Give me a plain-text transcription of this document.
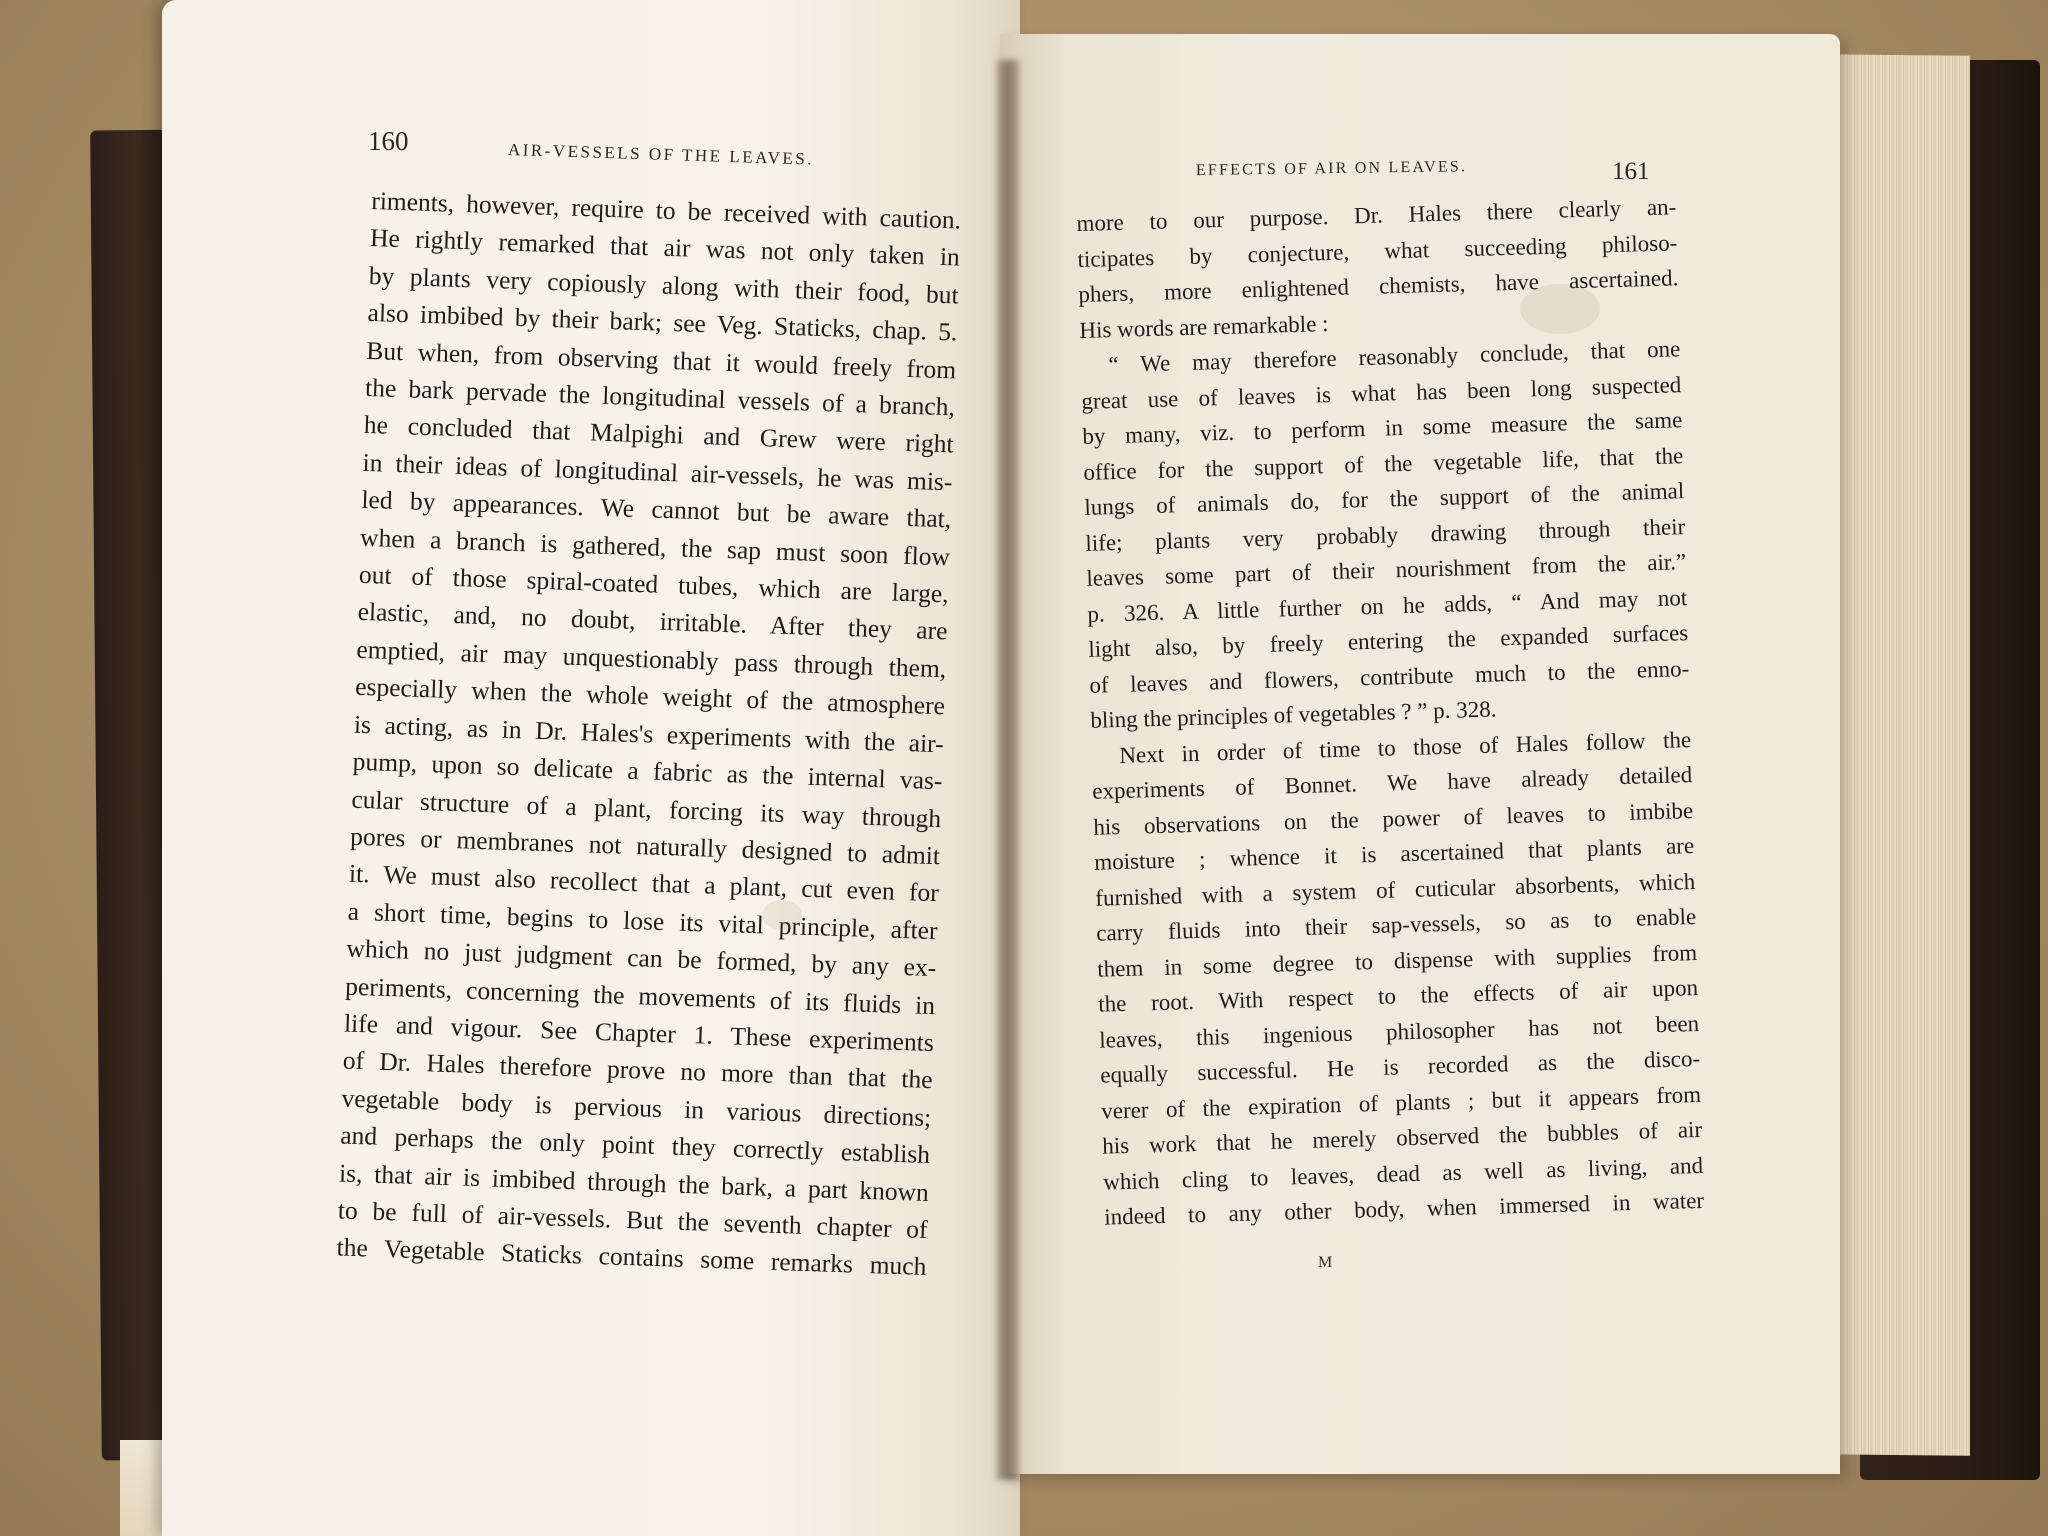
160	AIR-VESSELS OF THE LEAVES.
riments, however, require to be received with caution.
He rightly remarked that air was not only taken in
by plants very copiously along with their food, but
also imbibed by their bark; see Veg. Staticks, chap. 5.
But when, from observing that it would freely from
the bark pervade the longitudinal vessels of a branch,
he concluded that Malpighi and Grew were right
in their ideas of longitudinal air-vessels, he was mis-
led by appearances. We cannot but be aware that,
when a branch is gathered, the sap must soon flow
out of those spiral-coated tubes, which are large,
elastic, and, no doubt, irritable. After they are
emptied, air may unquestionably pass through them,
especially when the whole weight of the atmosphere
is acting, as in Dr. Hales's experiments with the air-
pump, upon so delicate a fabric as the internal vas-
cular structure of a plant, forcing its way through
pores or membranes not naturally designed to admit
it. We must also recollect that a plant, cut even for
a short time, begins to lose its vital principle, after
which no just judgment can be formed, by any ex-
periments, concerning the movements of its fluids in
life and vigour. See Chapter 1. These experiments
of Dr. Hales therefore prove no more than that the
vegetable body is pervious in various directions;
and perhaps the only point they correctly establish
is, that air is imbibed through the bark, a part known
to be full of air-vessels. But the seventh chapter of
the Vegetable Staticks contains some remarks much
EFFECTS OF AIR ON LEAVES.	161
more to our purpose. Dr. Hales there clearly an-
ticipates by conjecture, what succeeding philoso-
phers, more enlightened chemists, have ascertained.
His words are remarkable :
“ We may therefore reasonably conclude, that one
great use of leaves is what has been long suspected
by many, viz. to perform in some measure the same
office for the support of the vegetable life, that the
lungs of animals do, for the support of the animal
life; plants very probably drawing through their
leaves some part of their nourishment from the air.”
p. 326. A little further on he adds, “ And may not
light also, by freely entering the expanded surfaces
of leaves and flowers, contribute much to the enno-
bling the principles of vegetables ? ” p. 328.
Next in order of time to those of Hales follow the
experiments of Bonnet. We have already detailed
his observations on the power of leaves to imbibe
moisture ; whence it is ascertained that plants are
furnished with a system of cuticular absorbents, which
carry fluids into their sap-vessels, so as to enable
them in some degree to dispense with supplies from
the root. With respect to the effects of air upon
leaves, this ingenious philosopher has not been
equally successful. He is recorded as the disco-
verer of the expiration of plants ; but it appears from
his work that he merely observed the bubbles of air
which cling to leaves, dead as well as living, and
indeed to any other body, when immersed in water
M
